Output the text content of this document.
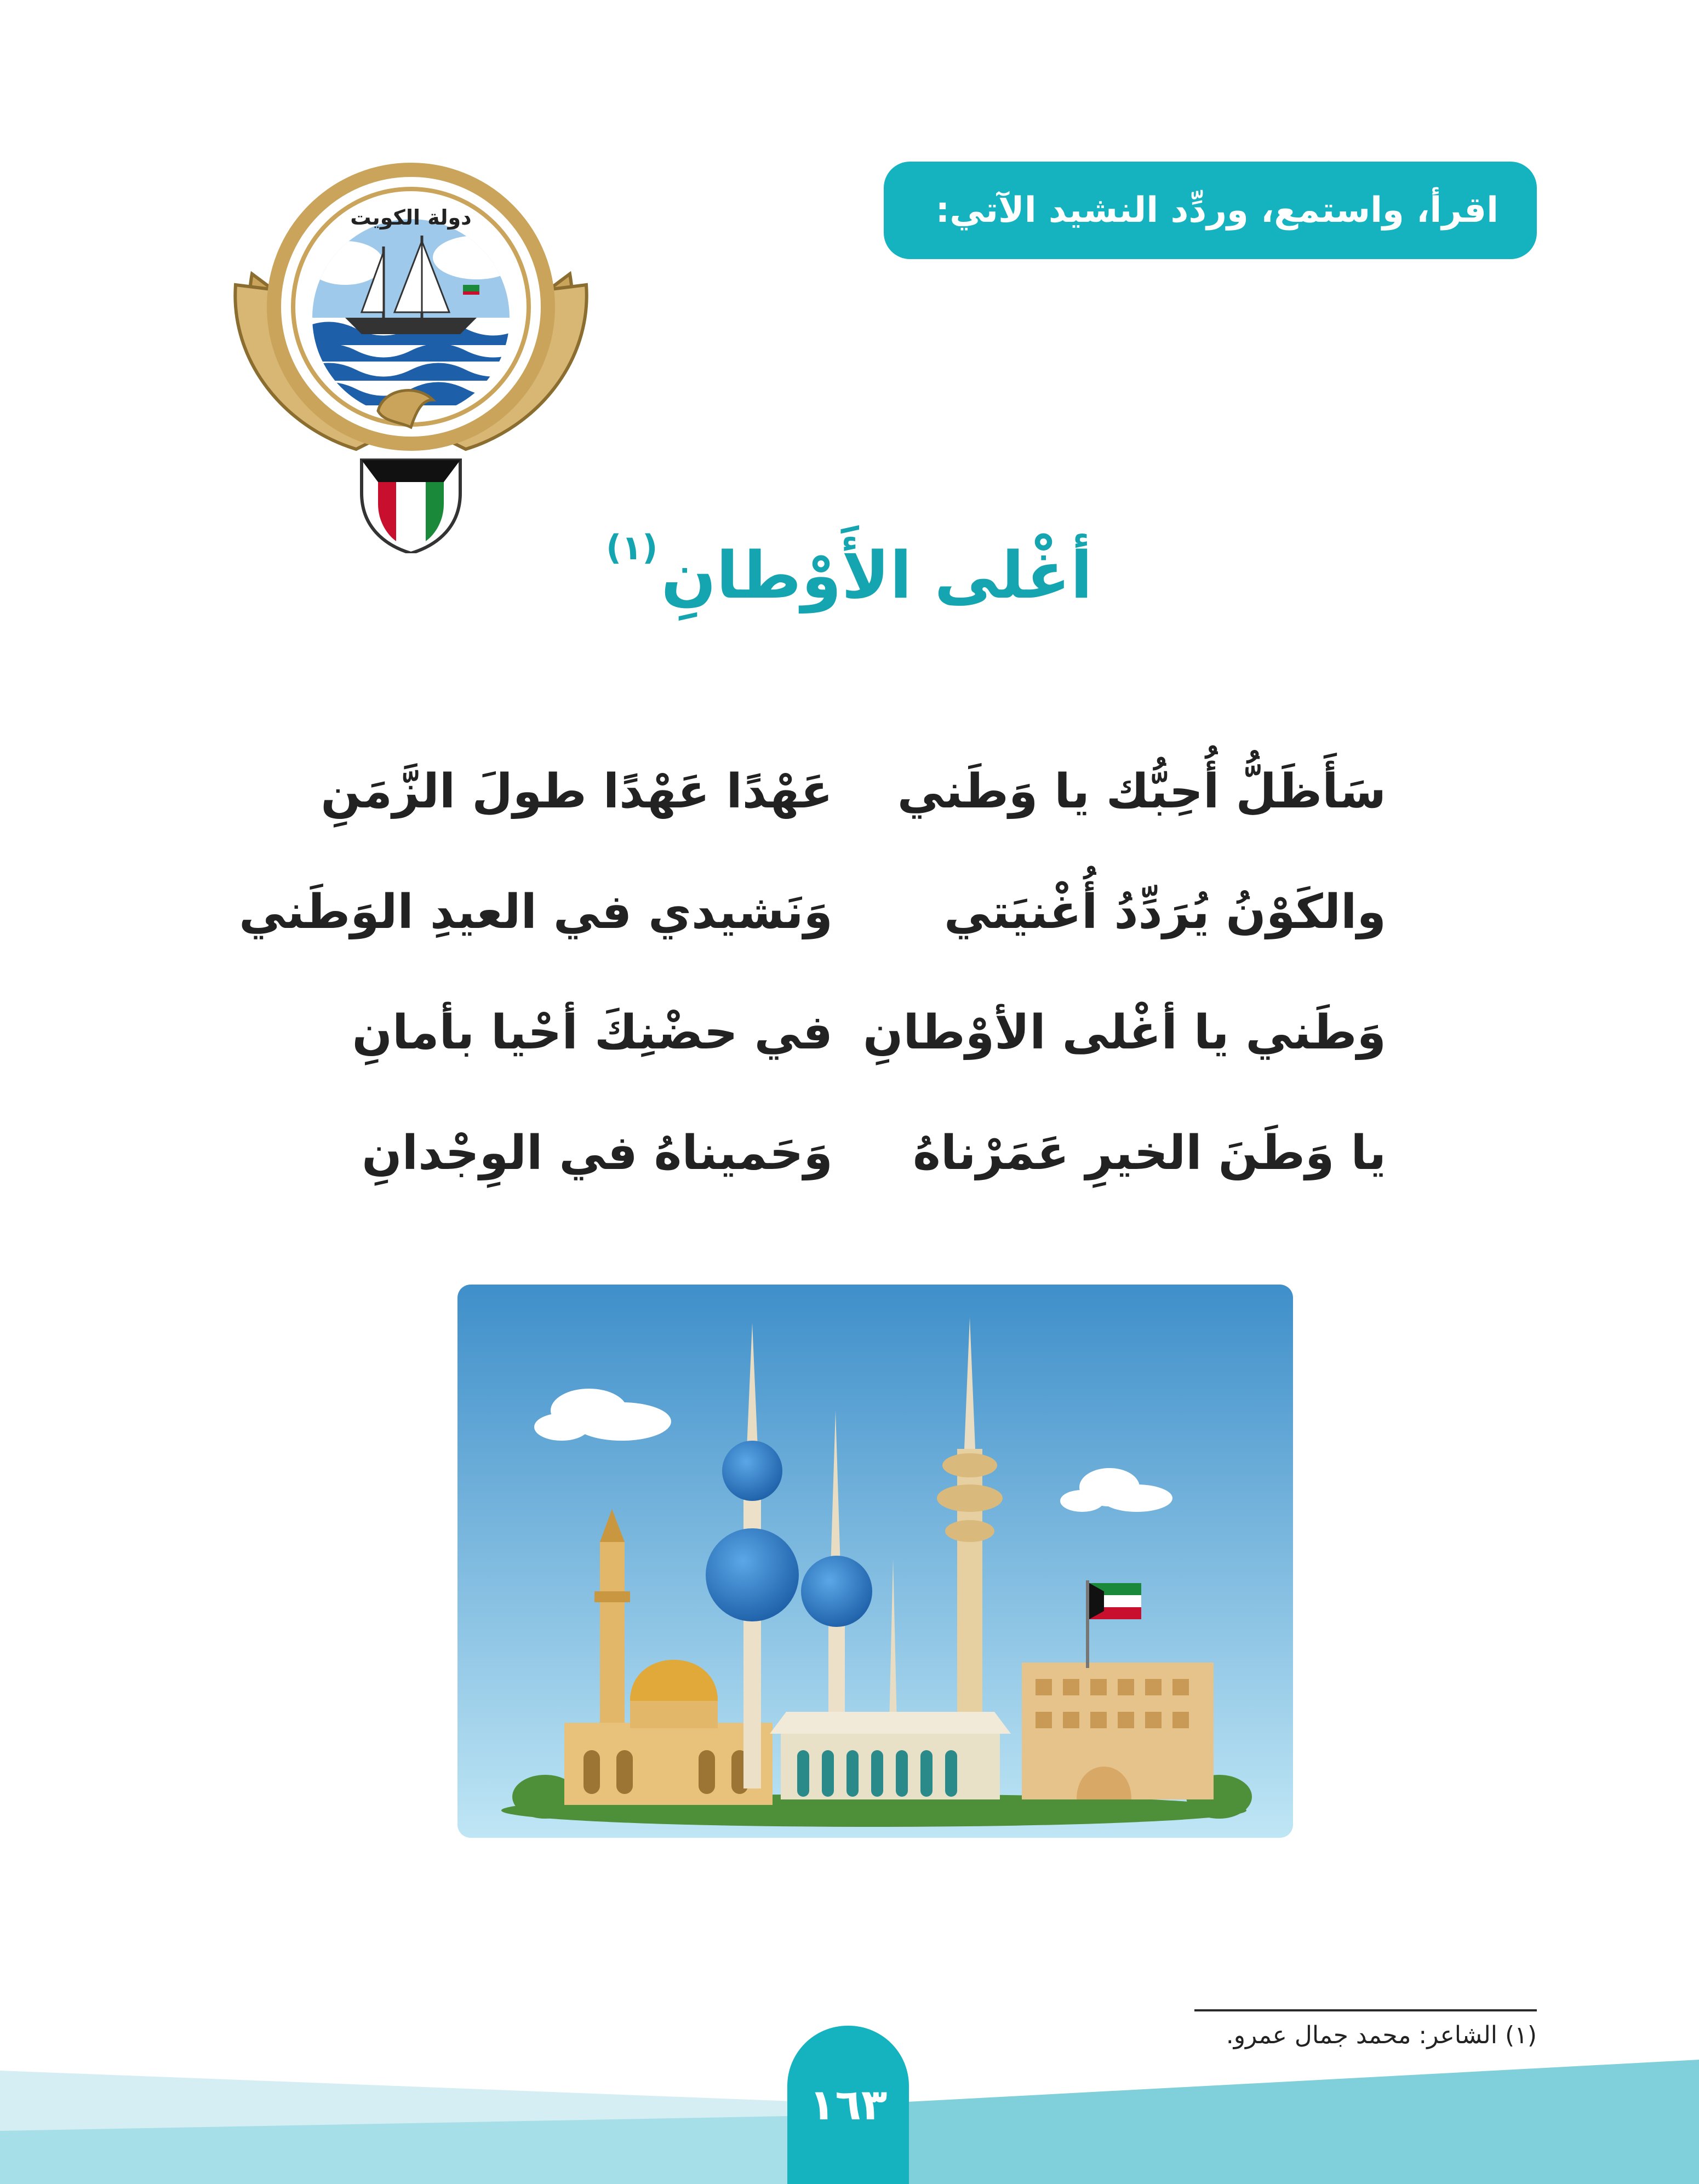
اقرأ، واستمع، وردِّد النشيد الآتي:
دولة الكويت
أغْلى الأَوْطانِ$^{(١)}$
سَأَظَلُّ أُحِبُّك يا وَطَني
عَهْدًا عَهْدًا طولَ الزَّمَنِ
والكَوْنُ يُرَدِّدُ أُغْنيَتي
وَنَشيدي في العيدِ الوَطَني
وَطَني يا أغْلى الأوْطانِ
في حضْنِكَ أحْيا بأمانِ
يا وَطَنَ الخيرِ عَمَرْناهُ
وَحَميناهُ في الوِجْدانِ
(١) الشاعر: محمد جمال عمرو.
١٦٣
